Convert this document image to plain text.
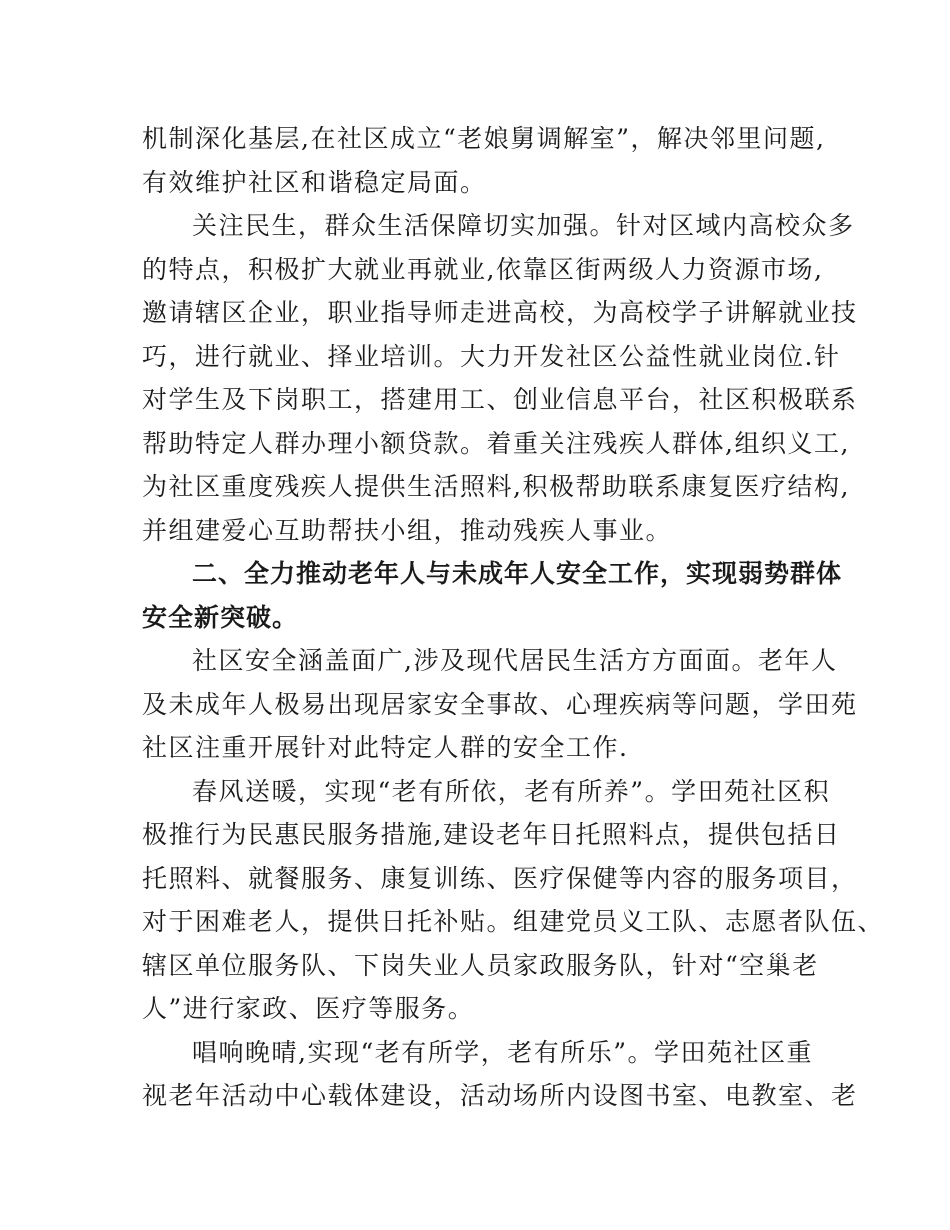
机制深化基层,在社区成立“老娘舅调解室”，解决邻里问题,
有效维护社区和谐稳定局面。
关注民生，群众生活保障切实加强。针对区域内高校众多
的特点，积极扩大就业再就业,依靠区街两级人力资源市场,
邀请辖区企业，职业指导师走进高校，为高校学子讲解就业技
巧，进行就业、择业培训。大力开发社区公益性就业岗位.针
对学生及下岗职工，搭建用工、创业信息平台，社区积极联系
帮助特定人群办理小额贷款。着重关注残疾人群体,组织义工,
为社区重度残疾人提供生活照料,积极帮助联系康复医疗结构,
并组建爱心互助帮扶小组，推动残疾人事业。
二、全力推动老年人与未成年人安全工作，实现弱势群体
安全新突破。
社区安全涵盖面广,涉及现代居民生活方方面面。老年人
及未成年人极易出现居家安全事故、心理疾病等问题，学田苑
社区注重开展针对此特定人群的安全工作.
春风送暖，实现“老有所依，老有所养”。学田苑社区积
极推行为民惠民服务措施,建设老年日托照料点，提供包括日
托照料、就餐服务、康复训练、医疗保健等内容的服务项目，
对于困难老人，提供日托补贴。组建党员义工队、志愿者队伍、
辖区单位服务队、下岗失业人员家政服务队，针对“空巢老
人”进行家政、医疗等服务。
唱响晚晴,实现“老有所学，老有所乐”。学田苑社区重
视老年活动中心载体建设，活动场所内设图书室、电教室、老
